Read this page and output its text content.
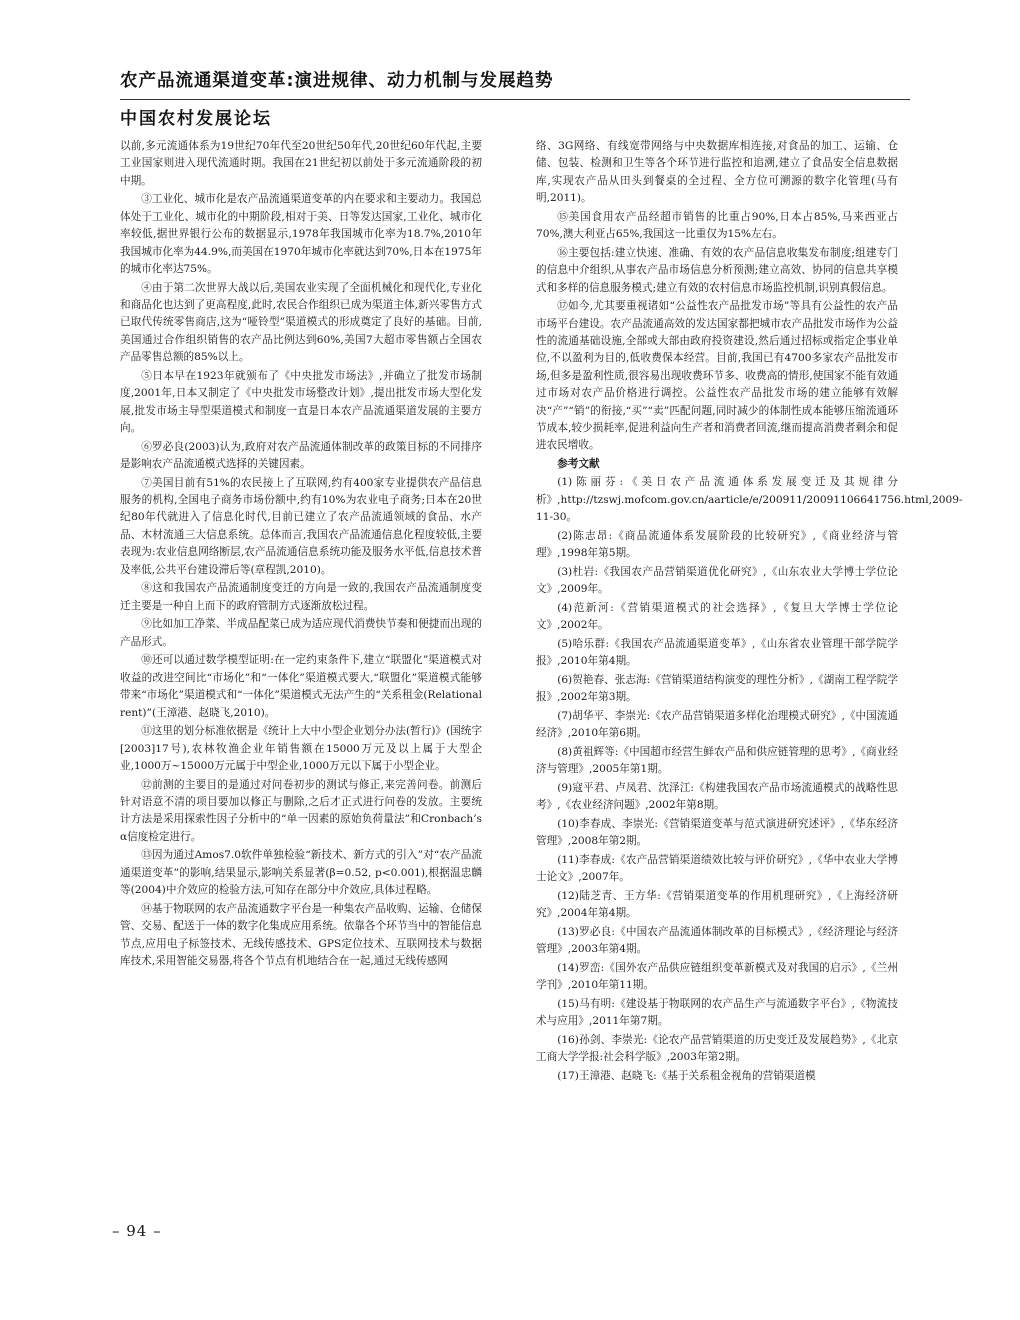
农产品流通渠道变革:演进规律、动力机制与发展趋势
中国农村发展论坛

以前,多元流通体系为19世纪70年代至20世纪50年代,20世纪60年代起,主要工业国家则进入现代流通时期。我国在21世纪初以前处于多元流通阶段的初中期。

③工业化、城市化是农产品流通渠道变革的内在要求和主要动力。我国总体处于工业化、城市化的中期阶段,相对于美、日等发达国家,工业化、城市化率较低,据世界银行公布的数据显示,1978年我国城市化率为18.7%,2010年我国城市化率为44.9%,而美国在1970年城市化率就达到70%,日本在1975年的城市化率达75%。

④由于第二次世界大战以后,美国农业实现了全面机械化和现代化,专业化和商品化也达到了更高程度,此时,农民合作组织已成为渠道主体,新兴零售方式已取代传统零售商店,这为“哑铃型”渠道模式的形成奠定了良好的基础。目前,美国通过合作组织销售的农产品比例达到60%,美国7大超市零售额占全国农产品零售总额的85%以上。

⑤日本早在1923年就颁布了《中央批发市场法》,并确立了批发市场制度,2001年,日本又制定了《中央批发市场整改计划》,提出批发市场大型化发展,批发市场主导型渠道模式和制度一直是日本农产品流通渠道发展的主要方向。

⑥罗必良(2003)认为,政府对农产品流通体制改革的政策目标的不同排序是影响农产品流通模式选择的关键因素。

⑦美国目前有51%的农民接上了互联网,约有400家专业提供农产品信息服务的机构,全国电子商务市场份额中,约有10%为农业电子商务;日本在20世纪80年代就进入了信息化时代,目前已建立了农产品流通领域的食品、水产品、木材流通三大信息系统。总体而言,我国农产品流通信息化程度较低,主要表现为:农业信息网络断层,农产品流通信息系统功能及服务水平低,信息技术普及率低,公共平台建设滞后等(章程凯,2010)。

⑧这和我国农产品流通制度变迁的方向是一致的,我国农产品流通制度变迁主要是一种自上而下的政府管制方式逐渐放松过程。

⑨比如加工净菜、半成品配菜已成为适应现代消费快节奏和便捷而出现的产品形式。

⑩还可以通过数学模型证明:在一定约束条件下,建立“联盟化”渠道模式对收益的改进空间比“市场化”和“一体化”渠道模式要大,“联盟化”渠道模式能够带来“市场化”渠道模式和“一体化”渠道模式无法产生的“关系租金(Relational rent)”(王漳港、赵晓飞,2010)。

⑪这里的划分标准依据是《统计上大中小型企业划分办法(暂行)》(国统字[2003]17号),农林牧渔企业年销售额在15000万元及以上属于大型企业,1000万~15000万元属于中型企业,1000万元以下属于小型企业。

⑫前测的主要目的是通过对问卷初步的测试与修正,来完善问卷。前测后针对语意不清的项目要加以修正与删除,之后才正式进行问卷的发放。主要统计方法是采用探索性因子分析中的“单一因素的原始负荷量法”和Cronbach’s α信度检定进行。

⑬因为通过Amos7.0软件单独检验“新技术、新方式的引入”对“农产品流通渠道变革”的影响,结果显示,影响关系显著(β=0.52, p<0.001),根据温忠麟等(2004)中介效应的检验方法,可知存在部分中介效应,具体过程略。

⑭基于物联网的农产品流通数字平台是一种集农产品收购、运输、仓储保管、交易、配送于一体的数字化集成应用系统。依靠各个环节当中的智能信息节点,应用电子标签技术、无线传感技术、GPS定位技术、互联网技术与数据库技术,采用智能交易器,将各个节点有机地结合在一起,通过无线传感网

络、3G网络、有线宽带网络与中央数据库相连接,对食品的加工、运输、仓储、包装、检测和卫生等各个环节进行监控和追溯,建立了食品安全信息数据库,实现农产品从田头到餐桌的全过程、全方位可溯源的数字化管理(马有明,2011)。

⑮美国食用农产品经超市销售的比重占90%,日本占85%,马来西亚占70%,澳大利亚占65%,我国这一比重仅为15%左右。

⑯主要包括:建立快速、准确、有效的农产品信息收集发布制度;组建专门的信息中介组织,从事农产品市场信息分析预测;建立高效、协同的信息共享模式和多样的信息服务模式;建立有效的农村信息市场监控机制,识别真假信息。

⑰如今,尤其要重视诸如“公益性农产品批发市场”等具有公益性的农产品市场平台建设。农产品流通高效的发达国家都把城市农产品批发市场作为公益性的流通基础设施,全部或大部由政府投资建设,然后通过招标或指定企事业单位,不以盈利为目的,低收费保本经营。目前,我国已有4700多家农产品批发市场,但多是盈利性质,很容易出现收费环节多、收费高的情形,使国家不能有效通过市场对农产品价格进行调控。公益性农产品批发市场的建立能够有效解决“产”“销”的衔接,“买”“卖”匹配问题,同时减少的体制性成本能够压缩流通环节成本,较少损耗率,促进利益向生产者和消费者回流,继而提高消费者剩余和促进农民增收。

参考文献

(1)陈丽芬:《美日农产品流通体系发展变迁及其规律分析》,http://tzswj.mofcom.gov.cn/aarticle/e/200911/20091106641756.html,2009-11-30。

(2)陈志昂:《商品流通体系发展阶段的比较研究》,《商业经济与管理》,1998年第5期。

(3)杜岩:《我国农产品营销渠道优化研究》,《山东农业大学博士学位论文》,2009年。

(4)范新河:《营销渠道模式的社会选择》,《复旦大学博士学位论文》,2002年。

(5)哈乐群:《我国农产品流通渠道变革》,《山东省农业管理干部学院学报》,2010年第4期。

(6)贺艳春、张志海:《营销渠道结构演变的理性分析》,《湖南工程学院学报》,2002年第3期。

(7)胡华平、李崇光:《农产品营销渠道多样化治理模式研究》,《中国流通经济》,2010年第6期。

(8)黄祖辉等:《中国超市经营生鲜农产品和供应链管理的思考》,《商业经济与管理》,2005年第1期。

(9)寇平君、卢凤君、沈泽江:《构建我国农产品市场流通模式的战略性思考》,《农业经济问题》,2002年第8期。

(10)李春成、李崇光:《营销渠道变革与范式演进研究述评》,《华东经济管理》,2008年第2期。

(11)李春成:《农产品营销渠道绩效比较与评价研究》,《华中农业大学博士论文》,2007年。

(12)陆芝青、王方华:《营销渠道变革的作用机理研究》,《上海经济研究》,2004年第4期。

(13)罗必良:《中国农产品流通体制改革的目标模式》,《经济理论与经济管理》,2003年第4期。

(14)罗峦:《国外农产品供应链组织变革新模式及对我国的启示》,《兰州学刊》,2010年第11期。

(15)马有明:《建设基于物联网的农产品生产与流通数字平台》,《物流技术与应用》,2011年第7期。

(16)孙剑、李崇光:《论农产品营销渠道的历史变迁及发展趋势》,《北京工商大学学报:社会科学版》,2003年第2期。

(17)王漳港、赵晓飞:《基于关系租金视角的营销渠道模

– 94 –
